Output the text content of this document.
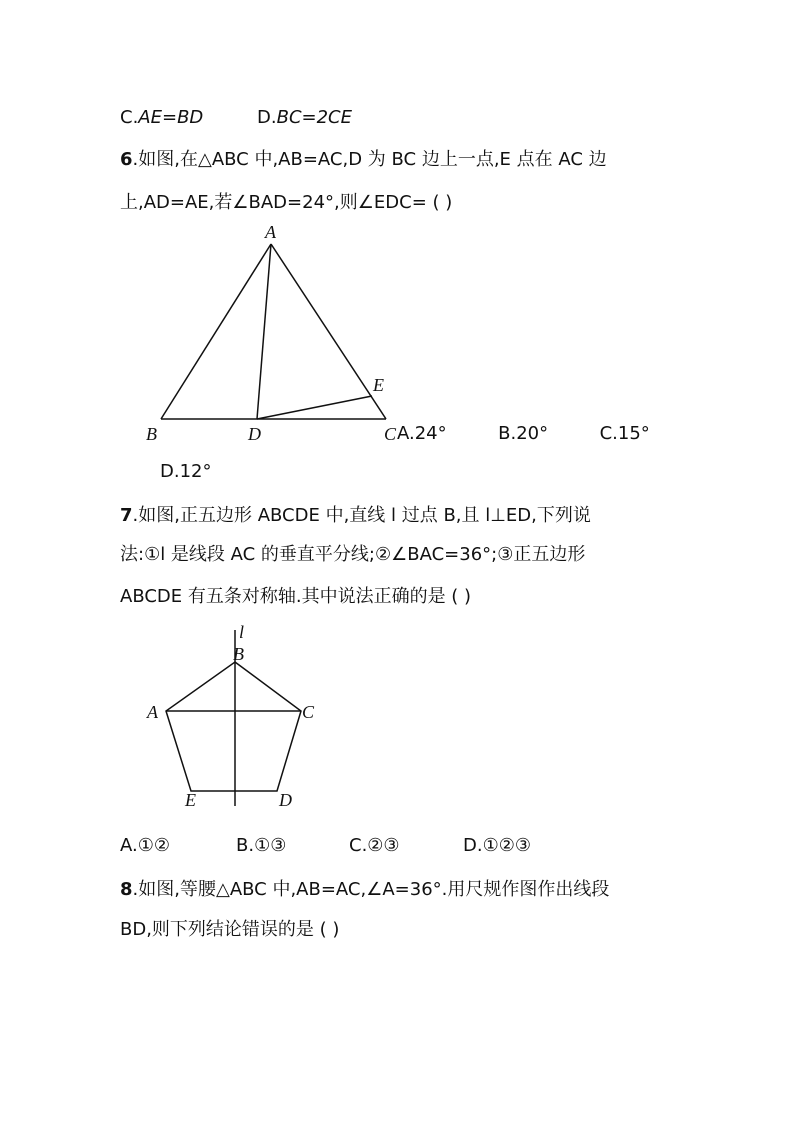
C.AE=BD	D.BC=2CE
6.如图,在△ABC 中,AB=AC,D 为 BC 边上一点,E 点在 AC 边
上,AD=AE,若∠BAD=24°,则∠EDC= ( )
A
B	D	C
E
l
B
A	C
E	D
A.24°         B.20°         C.15°
D.12°
7.如图,正五边形 ABCDE 中,直线 l 过点 B,且 l⊥ED,下列说
法:①l 是线段 AC 的垂直平分线;②∠BAC=36°;③正五边形
ABCDE 有五条对称轴.其中说法正确的是 ( )
A.①②	B.①③	C.②③	D.①②③
8.如图,等腰△ABC 中,AB=AC,∠A=36°.用尺规作图作出线段
BD,则下列结论错误的是 ( )
